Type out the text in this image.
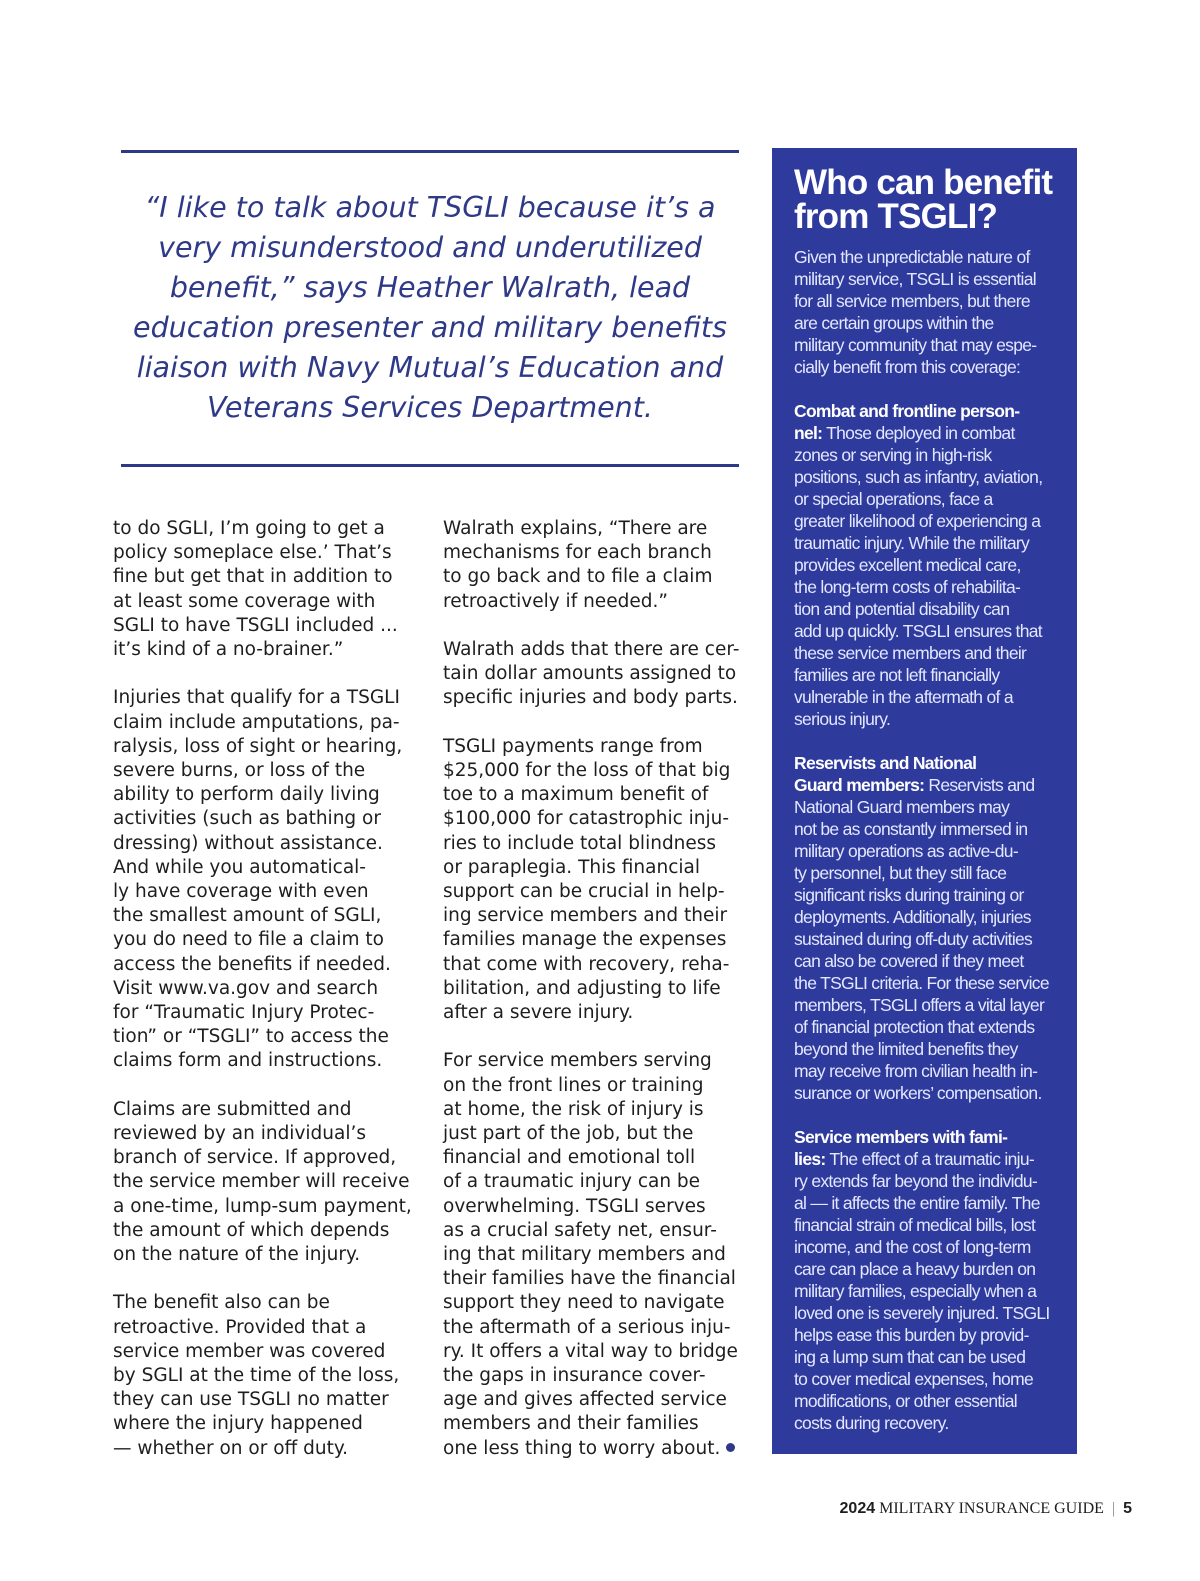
“I like to talk about TSGLI because it’s a
very misunderstood and underutilized
benefit,” says Heather Walrath, lead
education presenter and military benefits
liaison with Navy Mutual’s Education and
Veterans Services Department.
to do SGLI, I’m going to get a
policy someplace else.’ That’s
fine but get that in addition to
at least some coverage with
SGLI to have TSGLI included ...
it’s kind of a no-brainer.”
Injuries that qualify for a TSGLI
claim include amputations, pa-
ralysis, loss of sight or hearing,
severe burns, or loss of the
ability to perform daily living
activities (such as bathing or
dressing) without assistance.
And while you automatical-
ly have coverage with even
the smallest amount of SGLI,
you do need to file a claim to
access the benefits if needed.
Visit www.va.gov and search
for “Traumatic Injury Protec-
tion” or “TSGLI” to access the
claims form and instructions.
Claims are submitted and
reviewed by an individual’s
branch of service. If approved,
the service member will receive
a one-time, lump-sum payment,
the amount of which depends
on the nature of the injury.
The benefit also can be
retroactive. Provided that a
service member was covered
by SGLI at the time of the loss,
they can use TSGLI no matter
where the injury happened
— whether on or off duty.
Walrath explains, “There are
mechanisms for each branch
to go back and to file a claim
retroactively if needed.”
Walrath adds that there are cer-
tain dollar amounts assigned to
specific injuries and body parts.
TSGLI payments range from
$25,000 for the loss of that big
toe to a maximum benefit of
$100,000 for catastrophic inju-
ries to include total blindness
or paraplegia. This financial
support can be crucial in help-
ing service members and their
families manage the expenses
that come with recovery, reha-
bilitation, and adjusting to life
after a severe injury.
For service members serving
on the front lines or training
at home, the risk of injury is
just part of the job, but the
financial and emotional toll
of a traumatic injury can be
overwhelming. TSGLI serves
as a crucial safety net, ensur-
ing that military members and
their families have the financial
support they need to navigate
the aftermath of a serious inju-
ry. It offers a vital way to bridge
the gaps in insurance cover-
age and gives affected service
members and their families
one less thing to worry about.
Who can benefit
from TSGLI?
Given the unpredictable nature of
military service, TSGLI is essential
for all service members, but there
are certain groups within the
military community that may espe-
cially benefit from this coverage:
Combat and frontline person-
nel: Those deployed in combat
zones or serving in high-risk
positions, such as infantry, aviation,
or special operations, face a
greater likelihood of experiencing a
traumatic injury. While the military
provides excellent medical care,
the long-term costs of rehabilita-
tion and potential disability can
add up quickly. TSGLI ensures that
these service members and their
families are not left financially
vulnerable in the aftermath of a
serious injury.
Reservists and National
Guard members: Reservists and
National Guard members may
not be as constantly immersed in
military operations as active-du-
ty personnel, but they still face
significant risks during training or
deployments. Additionally, injuries
sustained during off-duty activities
can also be covered if they meet
the TSGLI criteria. For these service
members, TSGLI offers a vital layer
of financial protection that extends
beyond the limited benefits they
may receive from civilian health in-
surance or workers’ compensation.
Service members with fami-
lies: The effect of a traumatic inju-
ry extends far beyond the individu-
al — it affects the entire family. The
financial strain of medical bills, lost
income, and the cost of long-term
care can place a heavy burden on
military families, especially when a
loved one is severely injured. TSGLI
helps ease this burden by provid-
ing a lump sum that can be used
to cover medical expenses, home
modifications, or other essential
costs during recovery.
2024 MILITARY INSURANCE GUIDE | 5
